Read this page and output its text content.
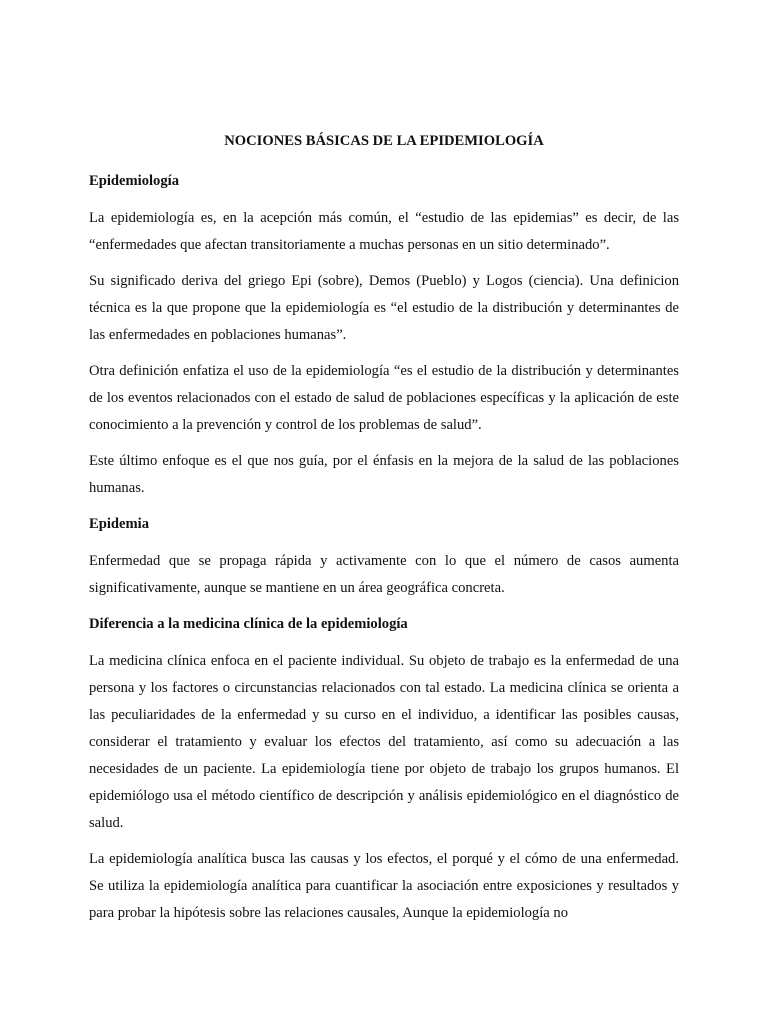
NOCIONES BÁSICAS DE LA EPIDEMIOLOGÍA
Epidemiología

La epidemiología es, en la acepción más común, el “estudio de las epidemias” es decir, de las “enfermedades que afectan transitoriamente a muchas personas en un sitio determinado”.

Su significado deriva del griego Epi (sobre), Demos (Pueblo) y Logos (ciencia). Una definicion técnica es la que propone que la epidemiología es “el estudio de la distribución y determinantes de las enfermedades en poblaciones humanas”.

Otra definición enfatiza el uso de la epidemiología “es el estudio de la distribución y determinantes de los eventos relacionados con el estado de salud de poblaciones específicas y la aplicación de este conocimiento a la prevención y control de los problemas de salud”.

Este último enfoque es el que nos guía, por el énfasis en la mejora de la salud de las poblaciones humanas.

Epidemia

Enfermedad que se propaga rápida y activamente con lo que el número de casos aumenta significativamente, aunque se mantiene en un área geográfica concreta.

Diferencia a la medicina clínica de la epidemiología

La medicina clínica enfoca en el paciente individual. Su objeto de trabajo es la enfermedad de una persona y los factores o circunstancias relacionados con tal estado. La medicina clínica se orienta a las peculiaridades de la enfermedad y su curso en el individuo, a identificar las posibles causas, considerar el tratamiento y evaluar los efectos del tratamiento, así como su adecuación a las necesidades de un paciente. La epidemiología tiene por objeto de trabajo los grupos humanos. El epidemiólogo usa el método científico de descripción y análisis epidemiológico en el diagnóstico de salud.

La epidemiología analítica busca las causas y los efectos, el porqué y el cómo de una enfermedad. Se utiliza la epidemiología analítica para cuantificar la asociación entre exposiciones y resultados y para probar la hipótesis sobre las relaciones causales, Aunque la epidemiología no
